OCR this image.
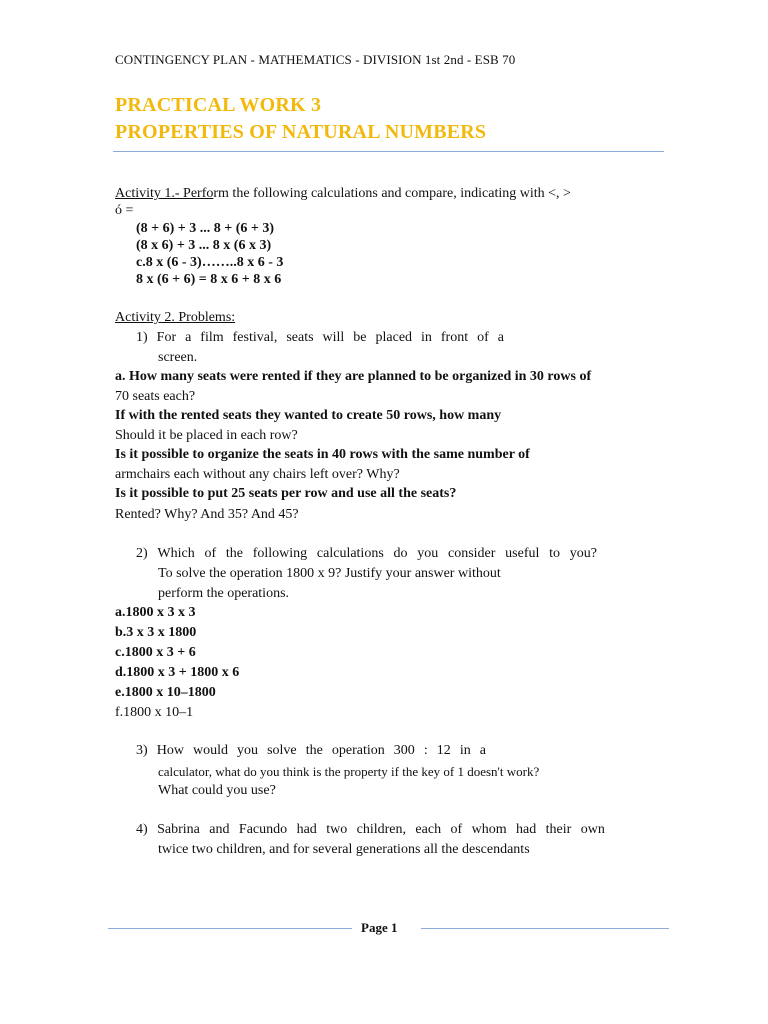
CONTINGENCY PLAN - MATHEMATICS - DIVISION 1st 2nd - ESB 70
PRACTICAL WORK 3
PROPERTIES OF NATURAL NUMBERS
Activity 1.- Perform the following calculations and compare, indicating with <, >
ó =
(8 + 6) + 3 ... 8 + (6 + 3)
(8 x 6) + 3 ... 8 x (6 x 3)
c.8 x (6 - 3)……..8 x 6 - 3
8 x (6 + 6) = 8 x 6 + 8 x 6
Activity 2. Problems:
1) For a film festival, seats will be placed in front of a
screen.
a. How many seats were rented if they are planned to be organized in 30 rows of
70 seats each?
If with the rented seats they wanted to create 50 rows, how many
Should it be placed in each row?
Is it possible to organize the seats in 40 rows with the same number of
armchairs each without any chairs left over? Why?
Is it possible to put 25 seats per row and use all the seats?
Rented? Why? And 35? And 45?
2) Which of the following calculations do you consider useful to you?
To solve the operation 1800 x 9? Justify your answer without
perform the operations.
a.1800 x 3 x 3
b.3 x 3 x 1800
c.1800 x 3 + 6
d.1800 x 3 + 1800 x 6
e.1800 x 10–1800
f.1800 x 10–1
3) How would you solve the operation 300 : 12 in a
calculator, what do you think is the property if the key of 1 doesn't work?
What could you use?
4) Sabrina and Facundo had two children, each of whom had their own
twice two children, and for several generations all the descendants
Page 1
